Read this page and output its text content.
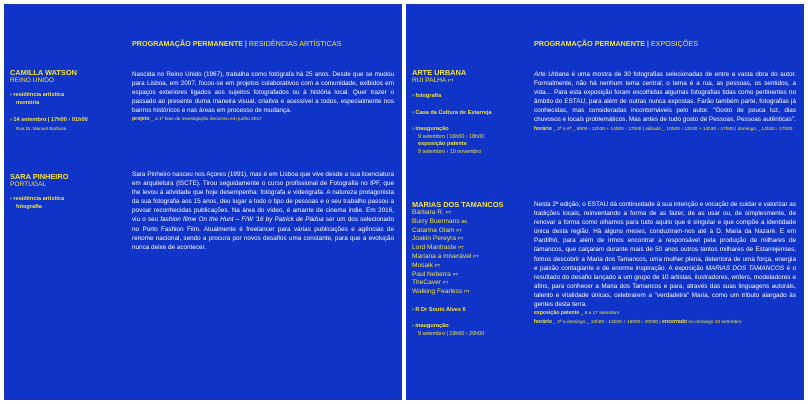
PROGRAMAÇÃO PERMANENTE | RESIDÊNCIAS ARTÍSTICAS
CAMILLA WATSON
REINO UNIDO
› residência artística
memória
› 14 setembro | 17h00 › 01h00
Rua Dr. Manuel Barbosa
Nascida no Reino Unido (1967), trabalha como fotógrafa há 25 anos. Desde que se mudou para Lisboa, em 2007, focou-se em projetos colaborativos com a comunidade, exibidos em espaços exteriores ligados aos sujeitos fotografados ou à história local. Quer trazer o passado ao presente duma maneira visual, criativa e acessível a todos, especialmente nos bairros históricos e nas áreas em processo de mudança.
projeto _ a 1ª fase de investigação decorreu em junho 2017
SARA PINHEIRO
PORTUGAL
› residência artística
fotografia
Sara Pinheiro nasceu nos Açores (1991), mas é em Lisboa que vive desde a sua licenciatura em arquitetura (ISCTE). Tirou seguidamente o curso profissional de Fotografia no IPF, que lhe levou à atividade que hoje desempenha: fotógrafa e videógrafa. A natureza protagonista da sua fotografia aos 15 anos, deu lugar a todo o tipo de pessoas e o seu trabalho passou a povoar reconhecidas publicações. Na área do vídeo, é amante de cinema indie. Em 2016, viu o seu fashion filme On the Hunt – F/W '16 by Patrick de Pádua ser um dos selecionado no Porto Fashion Film. Atualmente é freelancer para várias publicações e agências de renome nacional, sendo a procura por novos desafios uma constante, para que a evolução nunca deixe de acontecer.
PROGRAMAÇÃO PERMANENTE | EXPOSIÇÕES
ARTE URBANA
RUI PALHA PT
› fotografia
› Casa da Cultura de Estarreja
› inauguração
9 setembro | 16h00 › 18h00
exposição patente
9 setembro › 19 novembro
Arte Urbana é uma mostra de 30 fotografias selecionadas de entre a vasta obra do autor. Formalmente, não há nenhum tema central; o tema é a rua, as pessoas, os sentidos, a vida… Para esta exposição foram escolhidas algumas fotografias tidas como pertinentes no âmbito do ESTAU, para além de outras nunca expostas. Farão também parte, fotografias já conhecidas, mas consideradas incontornáveis pelo autor. "Gosto de pouca luz, dias chuvosos e locais problemáticos. Mas antes de tudo gosto de Pessoas, Pessoas autênticas".
horário _ 2ª a 6ª _ 9h00 › 12h30 + 14h00 › 17h00 | sábado _ 10h00 › 12h30 + 14h30 › 17h00 | domingo _ 14h30 › 17h00
MARIAS DOS TAMANCOS
Bárbara R. PT
Burry Buermans BE
Catarina Glam PT
Joakin Pereyra PT
Lord Mantraste PT
Mariana a miserável PT
Mosaik PT
Paul Neberra PT
TheCaver PT
Walking Fearless PT
› R Dr Souto Alves 6
› inauguração
9 setembro | 19h00 › 20h00
Nesta 2ª edição, o ESTAU dá continuidade à sua intenção e vocação de cuidar e valorizar as tradições locais, reinventando a forma de as fazer, de as usar ou, de simplesmente, de renovar a forma como olhamos para tudo aquilo que é singular e que compõe a identidade única desta região. Há alguns meses, conduziram-nos até à D. Maria da Nazaré. E em Pardilhó, para além de irmos encontrar a responsável pela produção de milhares de tamancos, que calçaram durante mais de 50 anos outros tantos milhares de Estarrejenses, fomos descobrir a Maria dos Tamancos, uma mulher plena, detentora de uma força, energia e paixão contagiante e de enorme inspiração. A exposição MARIAS DOS TAMANCOS é o resultado do desafio lançado a um grupo de 10 artistas, ilustradores, writers, modeladores e afins, para conhecer a Maria dos Tamancos e para, através das suas linguagens autorais, talento e vitalidade únicas, celebrarem a "verdadeira" Maria, como um tributo alargado às gentes desta terra.
exposição patente _ 9 a 17 setembro
horário _ 2ª a domingo _ 10h00 › 13h00 + 15h00 › 20h00 | encerrado no domingo 10 setembro
